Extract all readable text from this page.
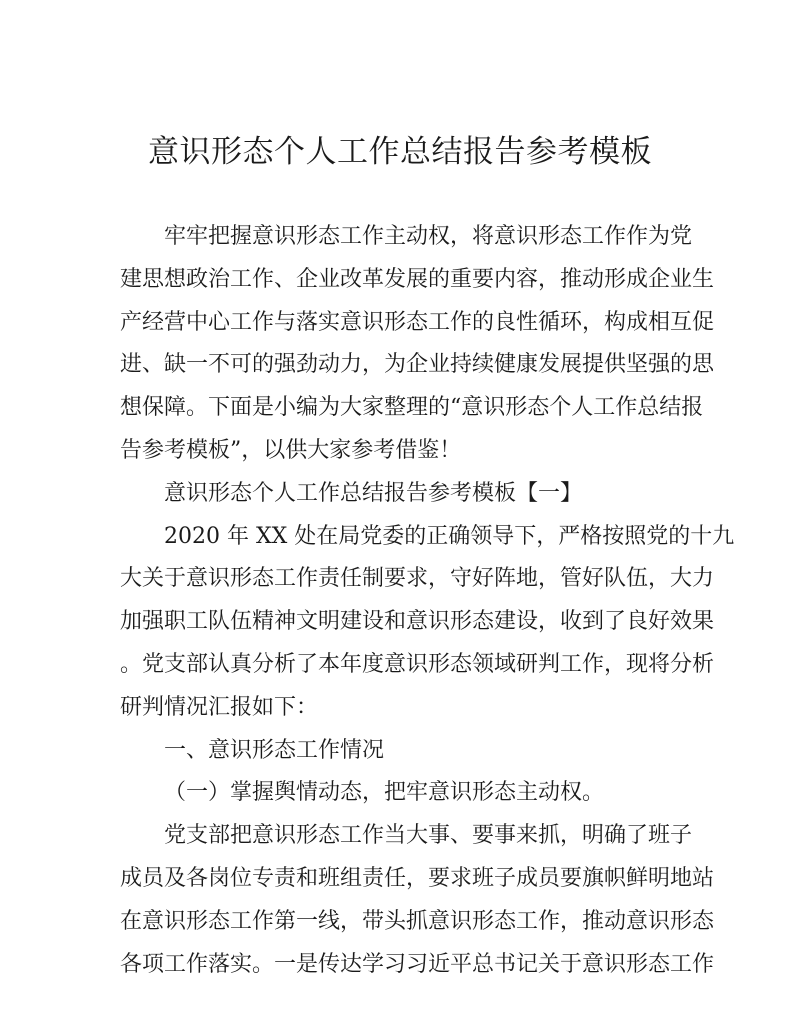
意识形态个人工作总结报告参考模板
牢牢把握意识形态工作主动权，将意识形态工作作为党
建思想政治工作、企业改革发展的重要内容，推动形成企业生
产经营中心工作与落实意识形态工作的良性循环，构成相互促
进、缺一不可的强劲动力，为企业持续健康发展提供坚强的思
想保障。下面是小编为大家整理的“意识形态个人工作总结报
告参考模板”，以供大家参考借鉴！
意识形态个人工作总结报告参考模板【一】
2020 年 XX 处在局党委的正确领导下，严格按照党的十九
大关于意识形态工作责任制要求，守好阵地，管好队伍，大力
加强职工队伍精神文明建设和意识形态建设，收到了良好效果
。党支部认真分析了本年度意识形态领域研判工作，现将分析
研判情况汇报如下：
一、意识形态工作情况
（一）掌握舆情动态，把牢意识形态主动权。
党支部把意识形态工作当大事、要事来抓，明确了班子
成员及各岗位专责和班组责任，要求班子成员要旗帜鲜明地站
在意识形态工作第一线，带头抓意识形态工作，推动意识形态
各项工作落实。一是传达学习习近平总书记关于意识形态工作
